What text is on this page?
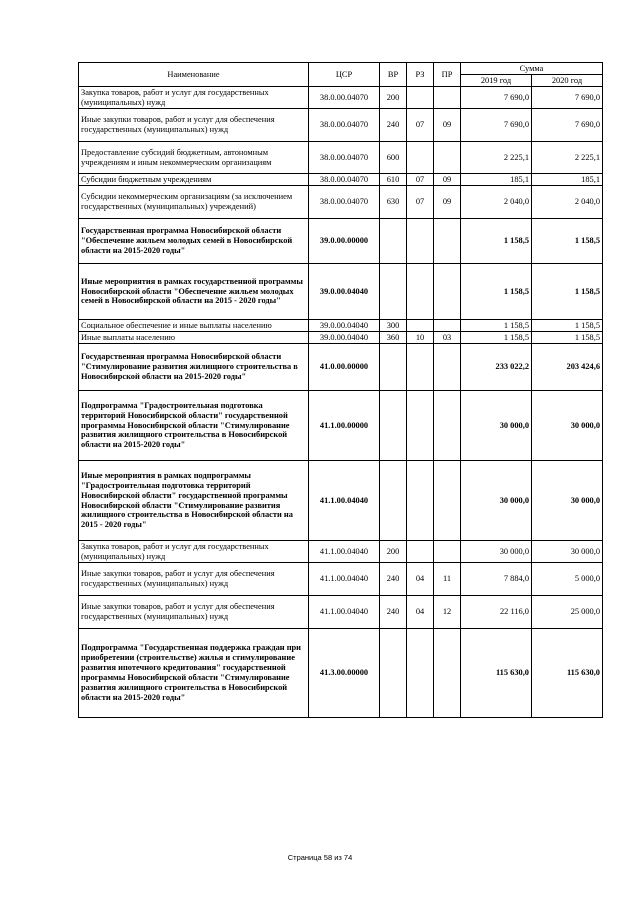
Наименование	ЦСР	ВР	РЗ	ПР	Сумма	
					2019 год	2020 год
Закупка товаров, работ и услуг для государственных (муниципальных) нужд	38.0.00.04070	200			7 690,0	7 690,0
Иные закупки товаров, работ и услуг для обеспечения государственных (муниципальных) нужд	38.0.00.04070	240	07	09	7 690,0	7 690,0
Предоставление субсидий бюджетным, автономным учреждениям и иным некоммерческим организациям	38.0.00.04070	600			2 225,1	2 225,1
Субсидии бюджетным учреждениям	38.0.00.04070	610	07	09	185,1	185,1
Субсидии некоммерческим организациям (за исключением государственных (муниципальных) учреждений)	38.0.00.04070	630	07	09	2 040,0	2 040,0
Государственная программа Новосибирской области "Обеспечение жильем молодых семей в Новосибирской области на 2015-2020 годы"	39.0.00.00000				1 158,5	1 158,5
Иные мероприятия в рамках государственной программы Новосибирской области "Обеспечение жильем молодых семей в Новосибирской области на 2015 - 2020 годы"	39.0.00.04040				1 158,5	1 158,5
Социальное обеспечение и иные выплаты населению	39.0.00.04040	300			1 158,5	1 158,5
Иные выплаты населению	39.0.00.04040	360	10	03	1 158,5	1 158,5
Государственная программа Новосибирской области "Стимулирование развития жилищного строительства в Новосибирской области на 2015-2020 годы"	41.0.00.00000				233 022,2	203 424,6
Подпрограмма "Градостроительная подготовка территорий Новосибирской области" государственной программы Новосибирской области "Стимулирование развития жилищного строительства в Новосибирской области на 2015-2020 годы"	41.1.00.00000				30 000,0	30 000,0
Иные мероприятия в рамках подпрограммы "Градостроительная подготовка территорий Новосибирской области" государственной программы Новосибирской области "Стимулирование развития жилищного строительства в Новосибирской области на 2015 - 2020 годы"	41.1.00.04040				30 000,0	30 000,0
Закупка товаров, работ и услуг для государственных (муниципальных) нужд	41.1.00.04040	200			30 000,0	30 000,0
Иные закупки товаров, работ и услуг для обеспечения государственных (муниципальных) нужд	41.1.00.04040	240	04	11	7 884,0	5 000,0
Иные закупки товаров, работ и услуг для обеспечения государственных (муниципальных) нужд	41.1.00.04040	240	04	12	22 116,0	25 000,0
Подпрограмма "Государственная поддержка граждан при приобретении (строительстве) жилья и стимулирование развития ипотечного кредитования" государственной программы Новосибирской области "Стимулирование развития жилищного строительства в Новосибирской области на 2015-2020 годы"	41.3.00.00000				115 630,0	115 630,0
Страница 58 из 74
